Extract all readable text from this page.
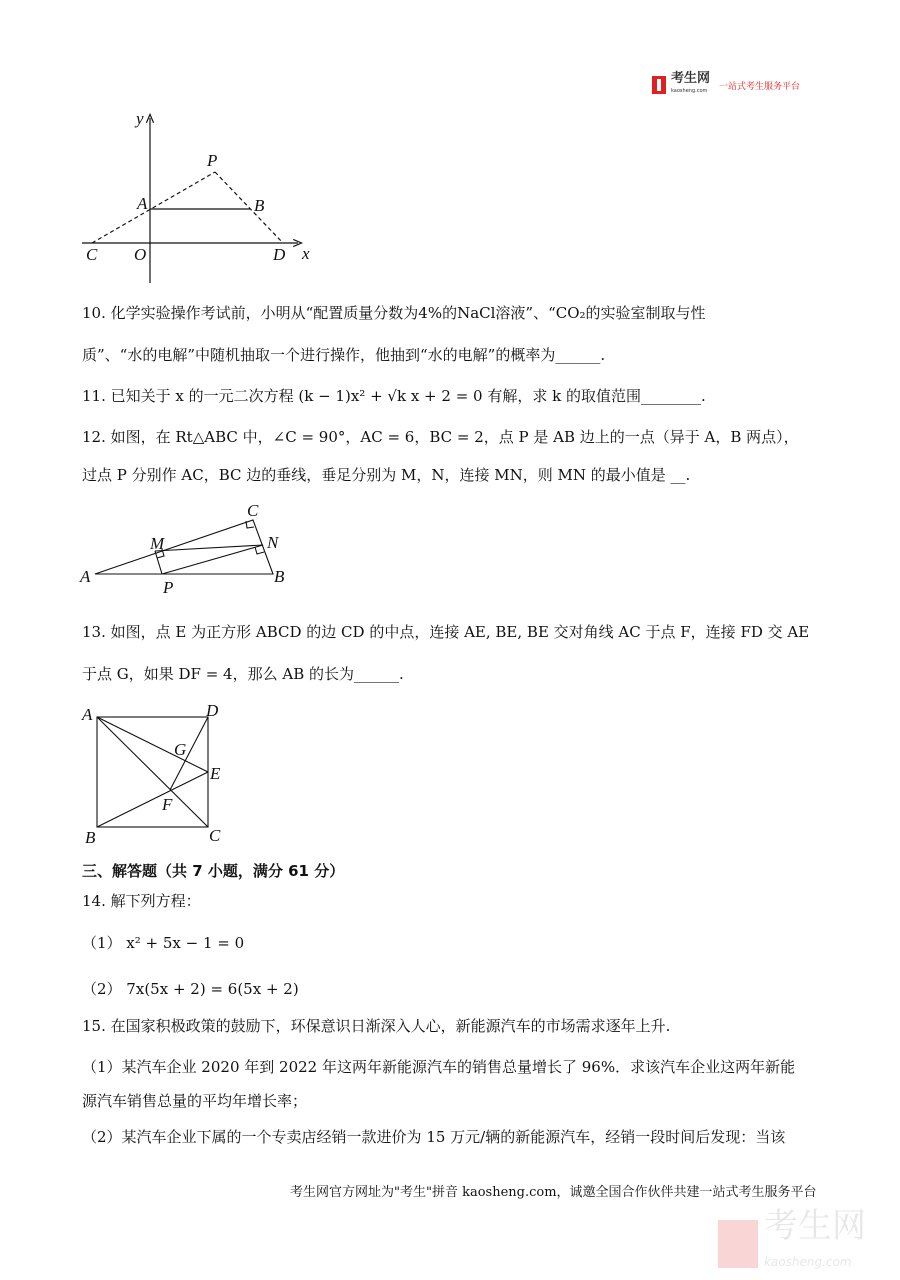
考生网
kaosheng.com 一站式考生服务平台
y
x
P
A	B
C O	D
A	B
C
M	N
P
A	D
B	C
E
F
G
10. 化学实验操作考试前，小明从“配置质量分数为4%的NaCl溶液”、“CO₂的实验室制取与性
质”、“水的电解”中随机抽取一个进行操作，他抽到“水的电解”的概率为______.
11. 已知关于 x 的一元二次方程 (k − 1)x² + √k x + 2 = 0 有解，求 k 的取值范围________.
12. 如图，在 Rt△ABC 中，∠C = 90°，AC = 6，BC = 2，点 P 是 AB 边上的一点（异于 A，B 两点），
过点 P 分别作 AC，BC 边的垂线，垂足分别为 M，N，连接 MN，则 MN 的最小值是 __.
13. 如图，点 E 为正方形 ABCD 的边 CD 的中点，连接 AE, BE, BE 交对角线 AC 于点 F，连接 FD 交 AE
于点 G，如果 DF = 4，那么 AB 的长为______.
三、解答题（共 7 小题，满分 61 分）
14. 解下列方程：
（1） x² + 5x − 1 = 0
（2） 7x(5x + 2) = 6(5x + 2)
15. 在国家积极政策的鼓励下，环保意识日渐深入人心，新能源汽车的市场需求逐年上升.
（1）某汽车企业 2020 年到 2022 年这两年新能源汽车的销售总量增长了 96%．求该汽车企业这两年新能
源汽车销售总量的平均年增长率；
（2）某汽车企业下属的一个专卖店经销一款进价为 15 万元/辆的新能源汽车，经销一段时间后发现：当该
考生网官方网址为"考生"拼音 kaosheng.com，诚邀全国合作伙伴共建一站式考生服务平台
考生网
kaosheng.com
